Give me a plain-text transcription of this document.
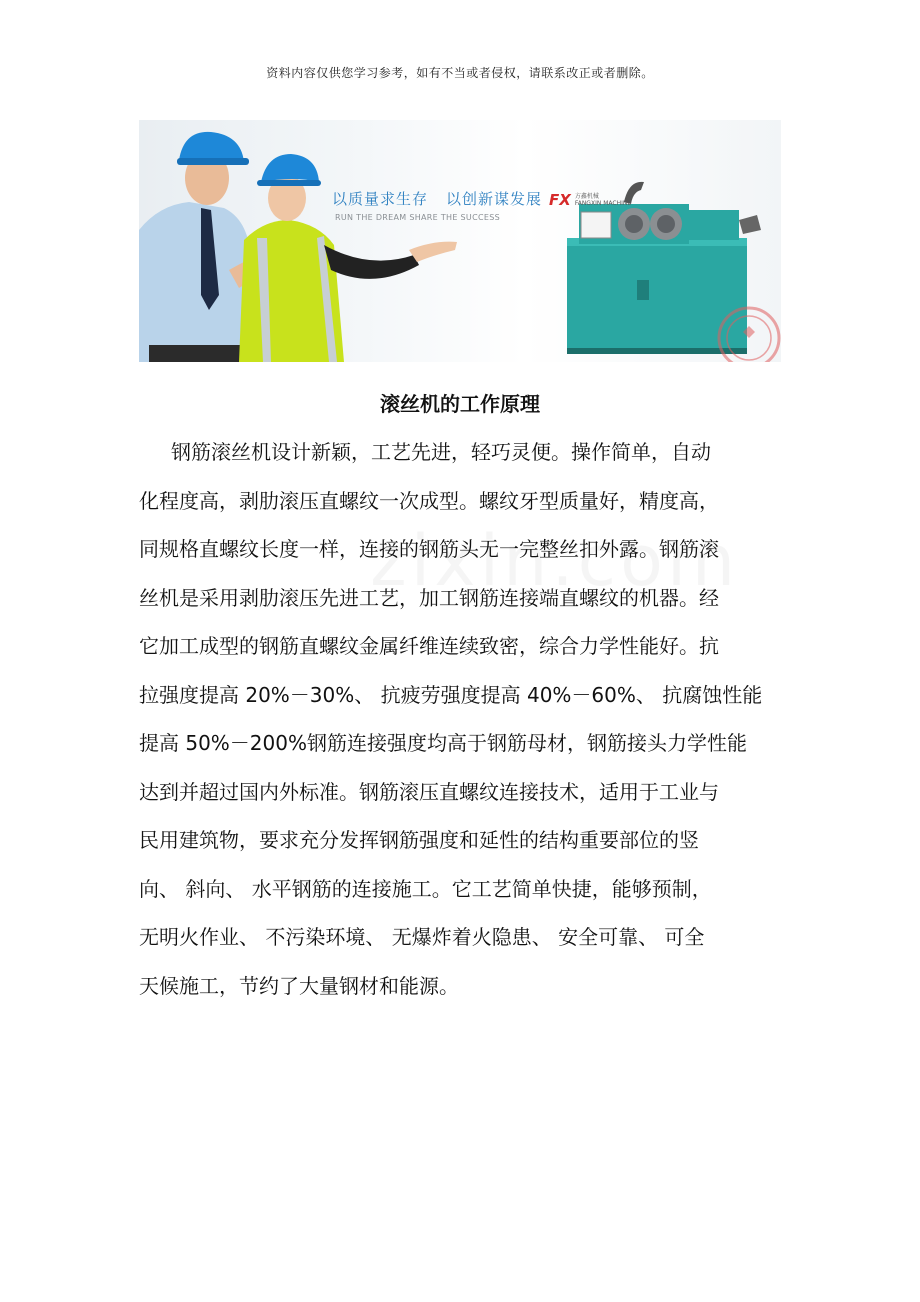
资料内容仅供您学习参考，如有不当或者侵权，请联系改正或者删除。
以质量求生存 以创新谋发展
RUN THE DREAM SHARE THE SUCCESS
FX 方鑫机械
FANGXIN MACHINE
滚丝机的工作原理

钢筋滚丝机设计新颖，工艺先进，轻巧灵便。操作简单，自动
化程度高，剥肋滚压直螺纹一次成型。螺纹牙型质量好，精度高，
同规格直螺纹长度一样，连接的钢筋头无一完整丝扣外露。钢筋滚
丝机是采用剥肋滚压先进工艺，加工钢筋连接端直螺纹的机器。经
它加工成型的钢筋直螺纹金属纤维连续致密，综合力学性能好。抗
拉强度提高 20%－30%、 抗疲劳强度提高 40%－60%、 抗腐蚀性能
提高 50%－200%钢筋连接强度均高于钢筋母材，钢筋接头力学性能
达到并超过国内外标准。钢筋滚压直螺纹连接技术，适用于工业与
民用建筑物，要求充分发挥钢筋强度和延性的结构重要部位的竖
向、 斜向、 水平钢筋的连接施工。它工艺简单快捷，能够预制，
无明火作业、 不污染环境、 无爆炸着火隐患、 安全可靠、 可全
天候施工，节约了大量钢材和能源。
